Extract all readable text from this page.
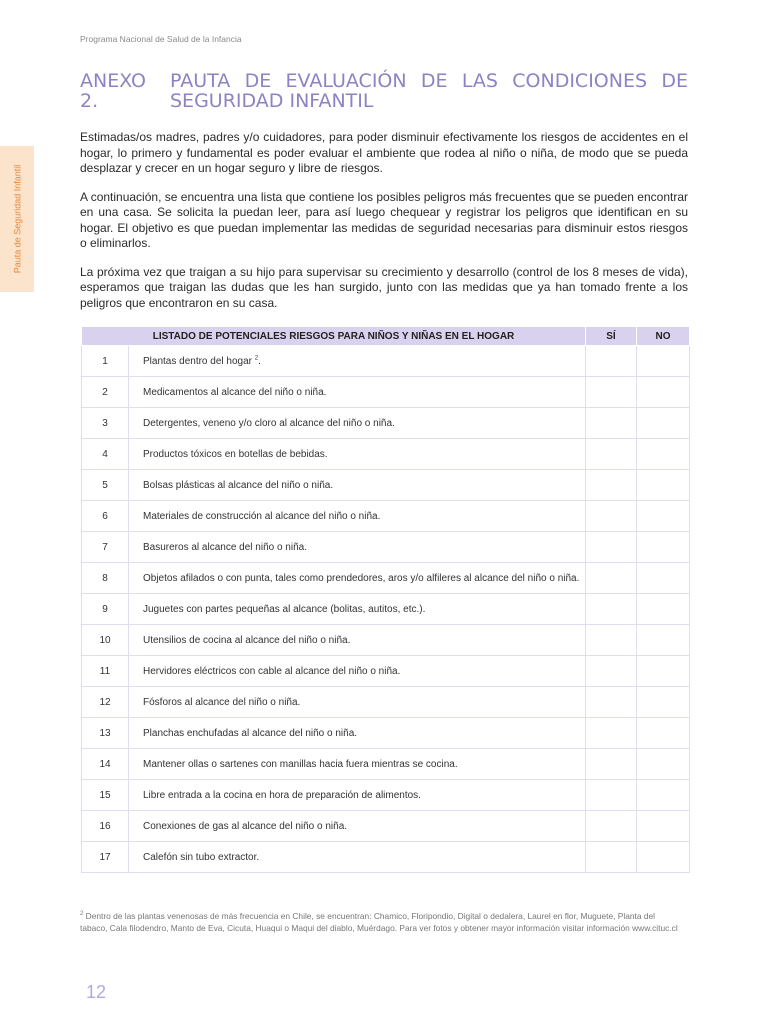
Programa Nacional de Salud de la Infancia
Pauta de Seguridad Infantil
ANEXO 2.
PAUTA DE EVALUACIÓN DE LAS CONDICIONES DE SEGURIDAD INFANTIL

Estimadas/os madres, padres y/o cuidadores, para poder disminuir efectivamente los riesgos de accidentes en el hogar, lo primero y fundamental es poder evaluar el ambiente que rodea al niño o niña, de modo que se pueda desplazar y crecer en un hogar seguro y libre de riesgos.

A continuación, se encuentra una lista que contiene los posibles peligros más frecuentes que se pueden encontrar en una casa. Se solicita la puedan leer, para así luego chequear y registrar los peligros que identifican en su hogar. El objetivo es que puedan implementar las medidas de seguridad necesarias para disminuir estos riesgos o eliminarlos.

La próxima vez que traigan a su hijo para supervisar su crecimiento y desarrollo (control de los 8 meses de vida), esperamos que traigan las dudas que les han surgido, junto con las medidas que ya han tomado frente a los peligros que encontraron en su casa.

LISTADO DE POTENCIALES RIESGOS PARA NIÑOS Y NIÑAS EN EL HOGAR		SÍ	NO
1	Plantas dentro del hogar $^2$.		
2	Medicamentos al alcance del niño o niña.		
3	Detergentes, veneno y/o cloro al alcance del niño o niña.		
4	Productos tóxicos en botellas de bebidas.		
5	Bolsas plásticas al alcance del niño o niña.		
6	Materiales de construcción al alcance del niño o niña.		
7	Basureros al alcance del niño o niña.		
8	Objetos afilados o con punta, tales como prendedores, aros y/o alfileres al alcance del niño o niña.		
9	Juguetes con partes pequeñas al alcance (bolitas, autitos, etc.).		
10	Utensilios de cocina al alcance del niño o niña.		
11	Hervidores eléctricos con cable al alcance del niño o niña.		
12	Fósforos al alcance del niño o niña.		
13	Planchas enchufadas al alcance del niño o niña.		
14	Mantener ollas o sartenes con manillas hacia fuera mientras se cocina.		
15	Libre entrada a la cocina en hora de preparación de alimentos.		
16	Conexiones de gas al alcance del niño o niña.		
17	Calefón sin tubo extractor.		
$^2$ Dentro de las plantas venenosas de más frecuencia en Chile, se encuentran: Chamico, Floripondio, Digital o dedalera, Laurel en flor, Muguete, Planta del tabaco, Cala filodendro, Manto de Eva, Cicuta, Huaqui o Maqui del diablo, Muérdago. Para ver fotos y obtener mayor información visitar información www.cituc.cl
12
